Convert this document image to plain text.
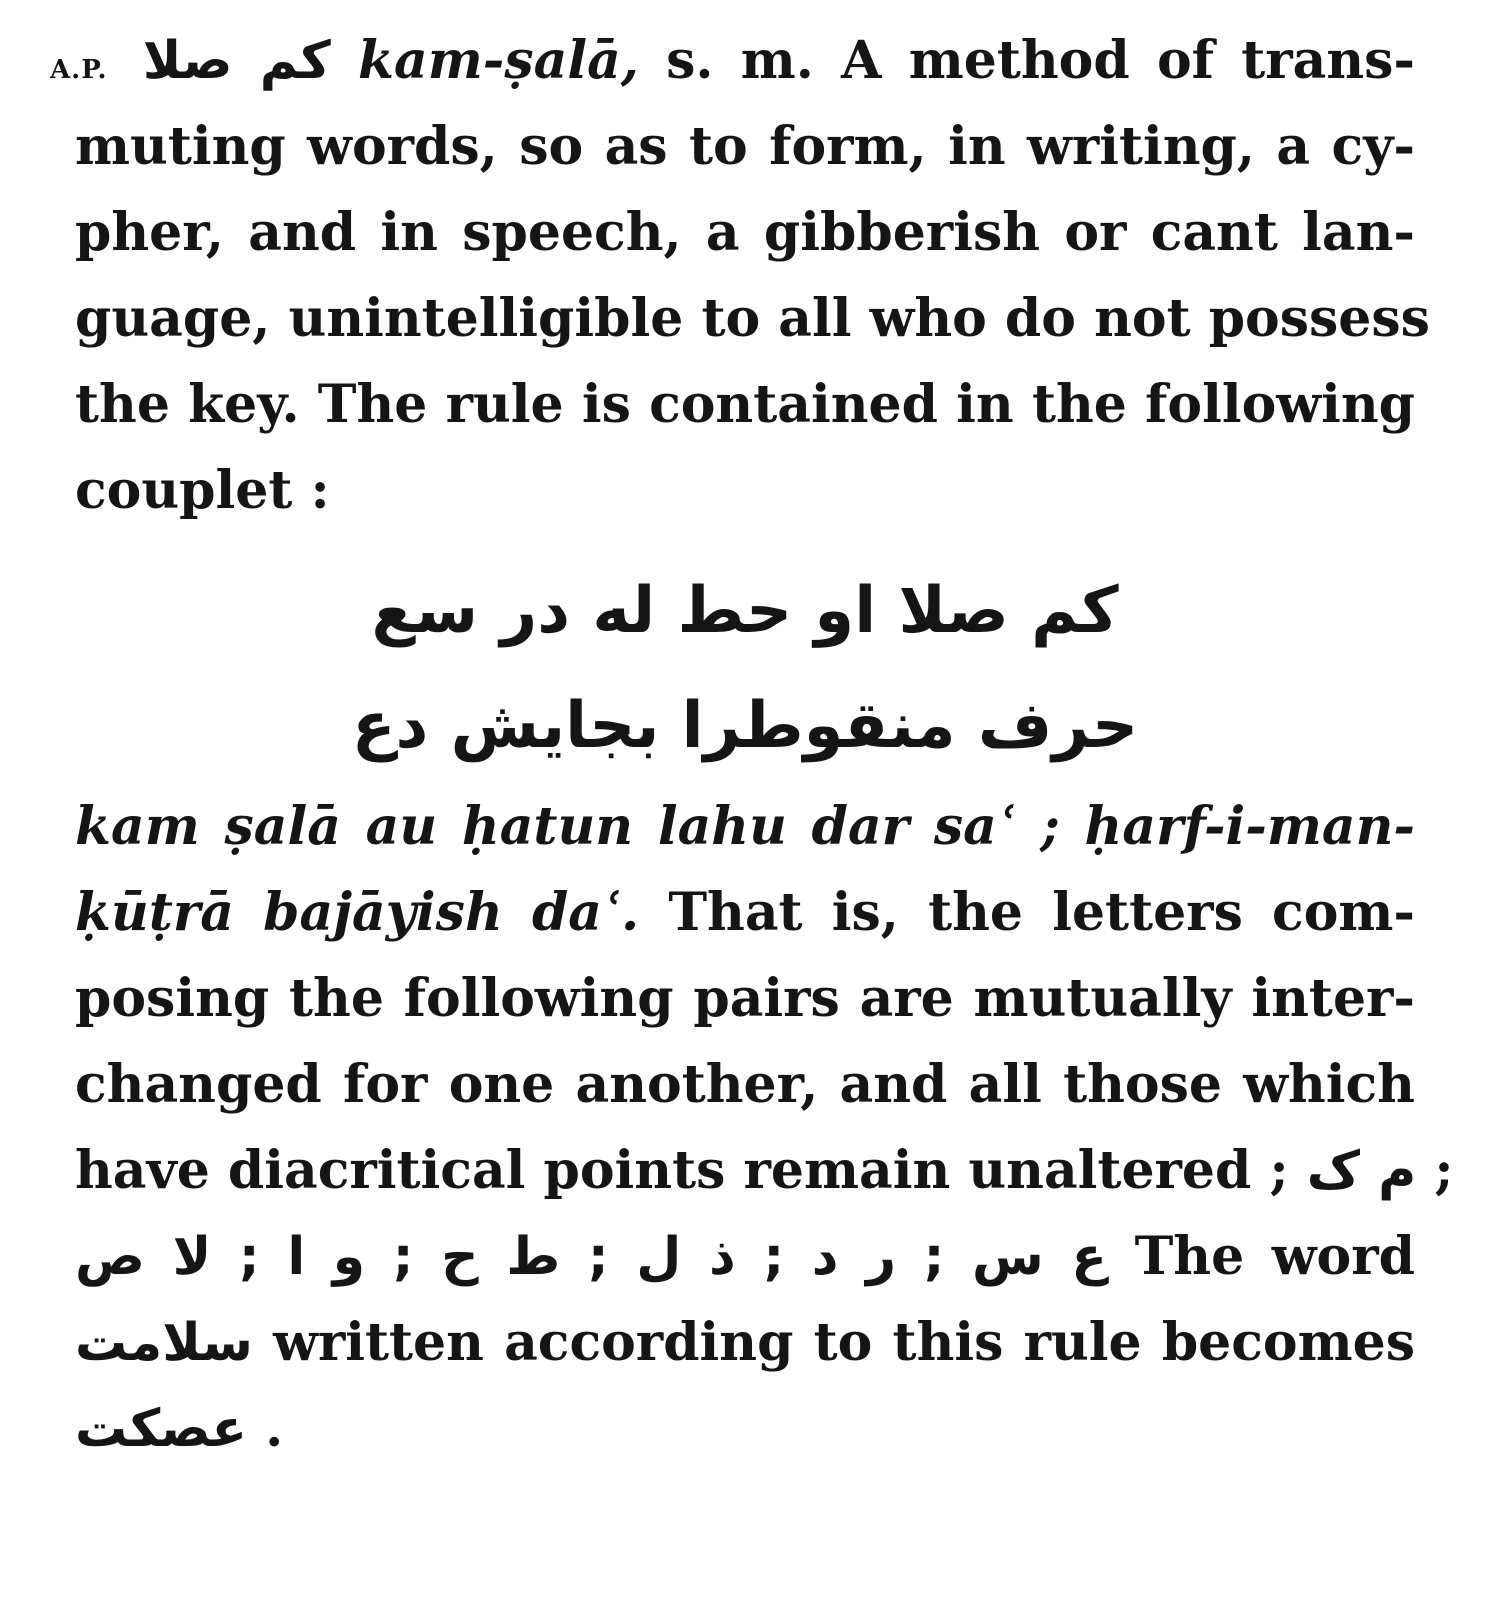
A.P. کم صلا kam-ṣalā, s. m. A method of trans-
muting words, so as to form, in writing, a cy-
pher, and in speech, a gibberish or cant lan-
guage, unintelligible to all who do not possess
the key. The rule is contained in the following
couplet :
کم صلا او حط له در سع
حرف منقوطرا بجایش دع
kam ṣalā au ḥatun lahu dar saʿ ; ḥarf-i-man-
ḳūṭrā bajāyish daʿ. That is, the letters com-
posing the following pairs are mutually inter-
changed for one another, and all those which
have diacritical points remain unaltered ; م ک ;
ع س ; ر د ; ذ ل ; ط ح ; و ا ; لا ص The word
سلامت written according to this rule becomes
عصکت .
